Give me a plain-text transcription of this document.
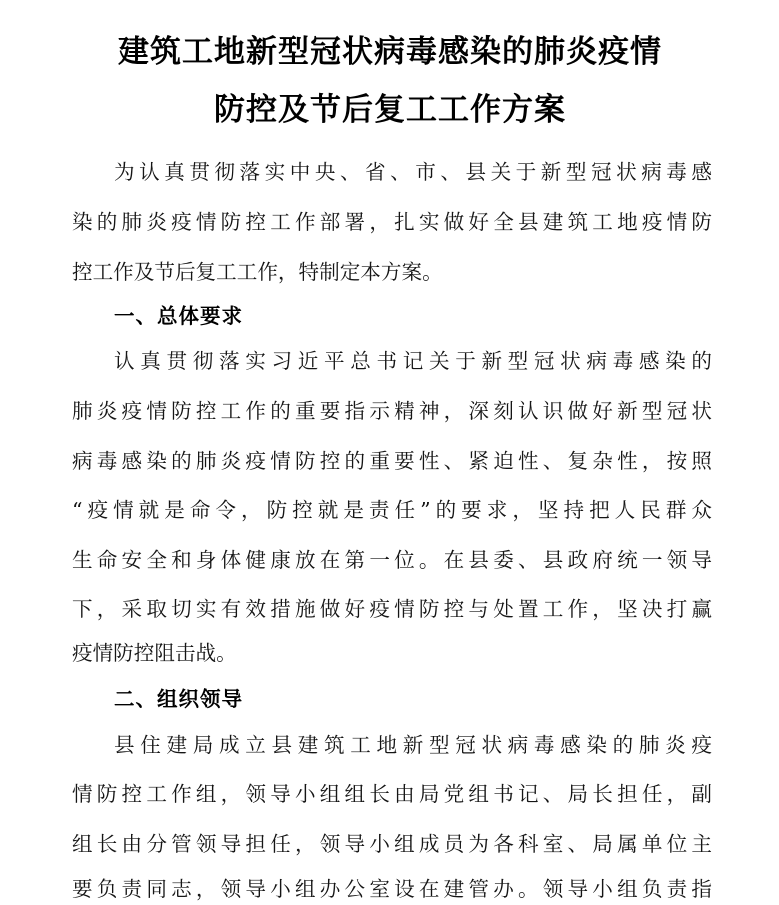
建筑工地新型冠状病毒感染的肺炎疫情
防控及节后复工工作方案
为认真贯彻落实中央、省、市、县关于新型冠状病毒感
染的肺炎疫情防控工作部署，扎实做好全县建筑工地疫情防
控工作及节后复工工作，特制定本方案。
一、总体要求
认真贯彻落实习近平总书记关于新型冠状病毒感染的
肺炎疫情防控工作的重要指示精神，深刻认识做好新型冠状
病毒感染的肺炎疫情防控的重要性、紧迫性、复杂性，按照
“疫情就是命令，防控就是责任”的要求，坚持把人民群众
生命安全和身体健康放在第一位。在县委、县政府统一领导
下，采取切实有效措施做好疫情防控与处置工作，坚决打赢
疫情防控阻击战。
二、组织领导
县住建局成立县建筑工地新型冠状病毒感染的肺炎疫
情防控工作组，领导小组组长由局党组书记、局长担任，副
组长由分管领导担任，领导小组成员为各科室、局属单位主
要负责同志，领导小组办公室设在建管办。领导小组负责指
